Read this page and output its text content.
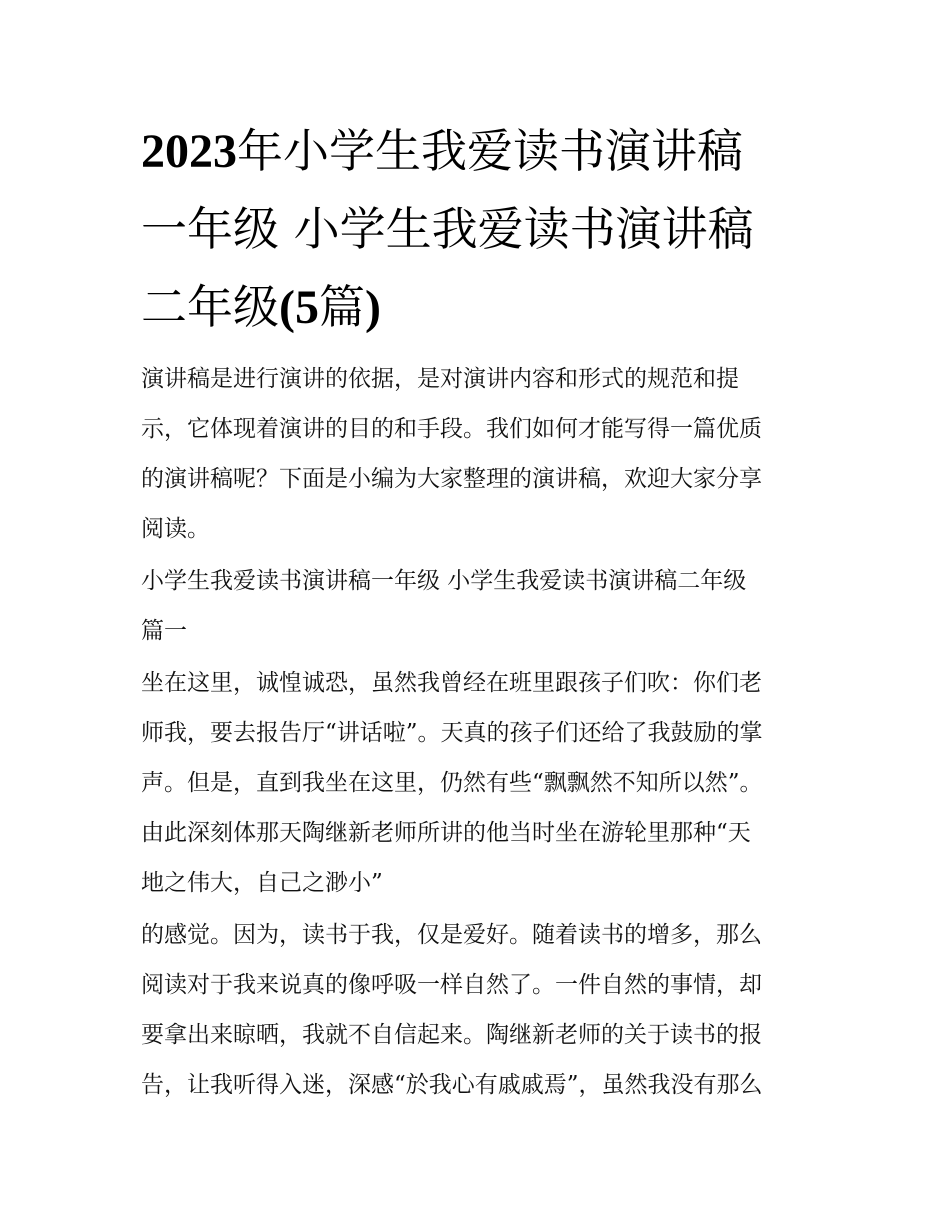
2023年小学生我爱读书演讲稿
一年级 小学生我爱读书演讲稿
二年级(5篇)
演讲稿是进行演讲的依据，是对演讲内容和形式的规范和提
示，它体现着演讲的目的和手段。我们如何才能写得一篇优质
的演讲稿呢？下面是小编为大家整理的演讲稿，欢迎大家分享
阅读。
小学生我爱读书演讲稿一年级 小学生我爱读书演讲稿二年级
篇一
坐在这里，诚惶诚恐，虽然我曾经在班里跟孩子们吹：你们老
师我，要去报告厅“讲话啦”。天真的孩子们还给了我鼓励的掌
声。但是，直到我坐在这里，仍然有些“飘飘然不知所以然”。
由此深刻体那天陶继新老师所讲的他当时坐在游轮里那种“天
地之伟大，自己之渺小”
的感觉。因为，读书于我，仅是爱好。随着读书的增多，那么
阅读对于我来说真的像呼吸一样自然了。一件自然的事情，却
要拿出来晾晒，我就不自信起来。陶继新老师的关于读书的报
告，让我听得入迷，深感“於我心有戚戚焉”，虽然我没有那么
